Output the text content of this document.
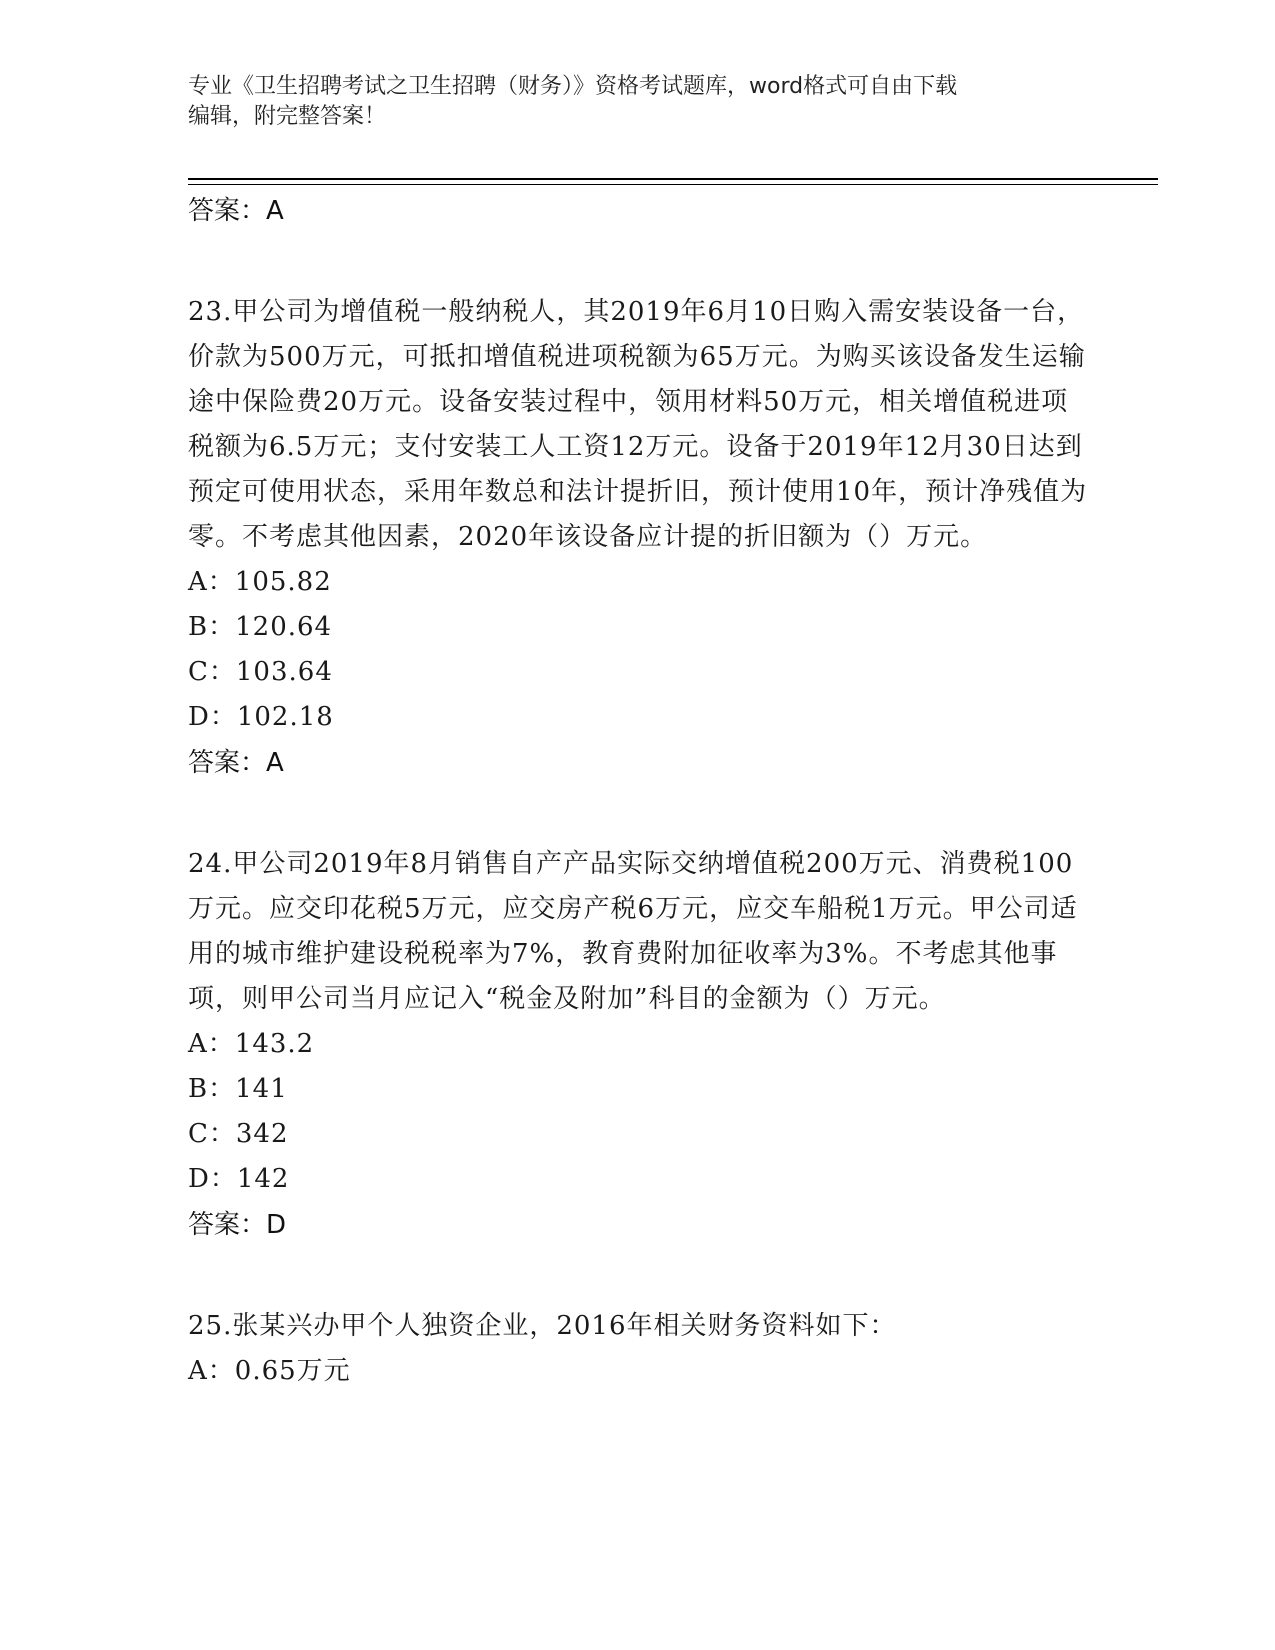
专业《卫生招聘考试之卫生招聘（财务）》资格考试题库，word格式可自由下载
编辑，附完整答案！
答案：A
23.甲公司为增值税一般纳税人，其2019年6月10日购入需安装设备一台，价款为500万元，可抵扣增值税进项税额为65万元。为购买该设备发生运输途中保险费20万元。设备安装过程中，领用材料50万元，相关增值税进项税额为6.5万元；支付安装工人工资12万元。设备于2019年12月30日达到预定可使用状态，采用年数总和法计提折旧，预计使用10年，预计净残值为零。不考虑其他因素，2020年该设备应计提的折旧额为（）万元。
A：105.82
B：120.64
C：103.64
D：102.18
答案：A
24.甲公司2019年8月销售自产产品实际交纳增值税200万元、消费税100万元。应交印花税5万元，应交房产税6万元，应交车船税1万元。甲公司适用的城市维护建设税税率为7%，教育费附加征收率为3%。不考虑其他事项，则甲公司当月应记入“税金及附加”科目的金额为（）万元。
A：143.2
B：141
C：342
D：142
答案：D
25.张某兴办甲个人独资企业，2016年相关财务资料如下：
A：0.65万元
